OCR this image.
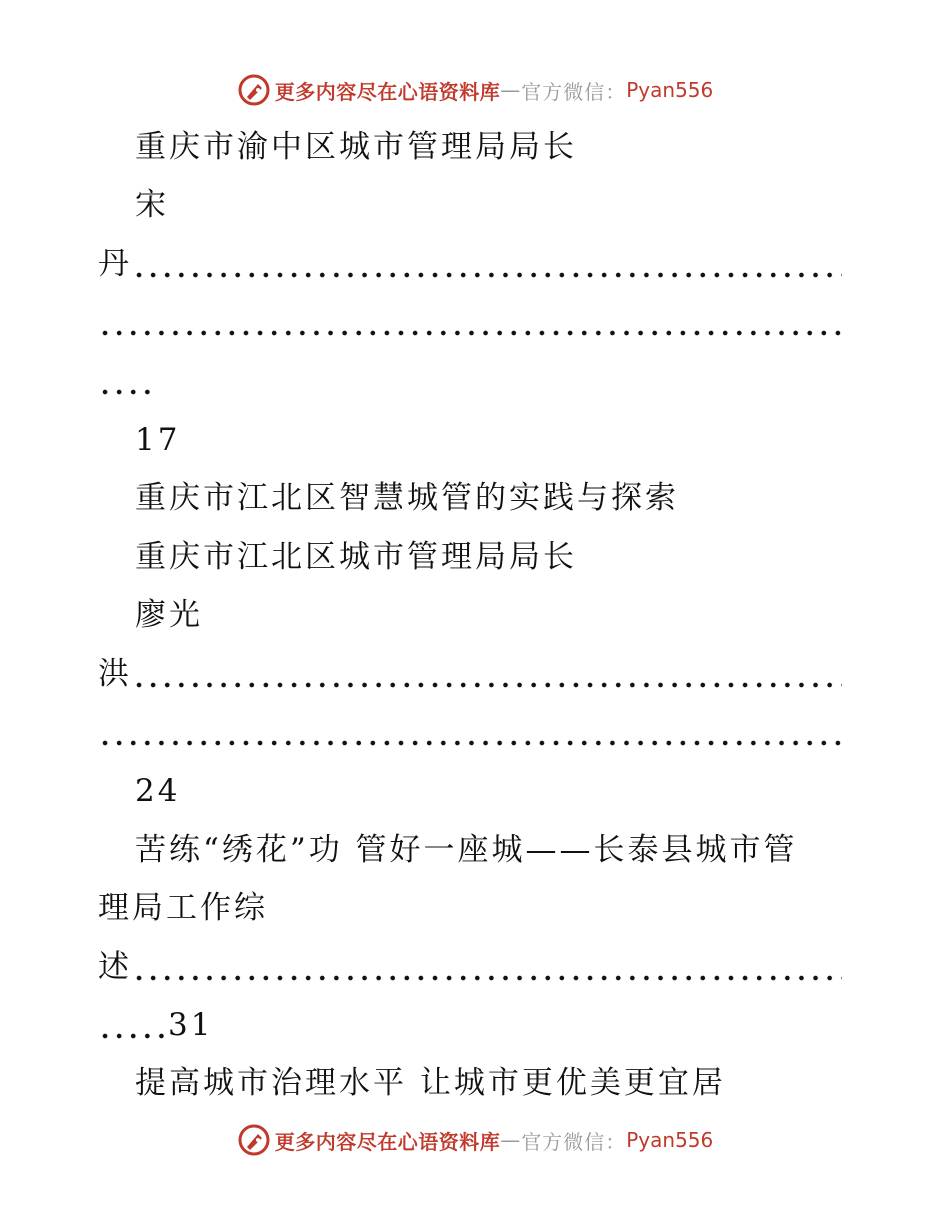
更多内容尽在心语资料库 — 官方微信： Pyan556
重庆市渝中区城市管理局局长
宋
丹
17
重庆市江北区智慧城管的实践与探索
重庆市江北区城市管理局局长
廖光
洪
24
苦练“绣花”功 管好一座城——长泰县城市管
理局工作综
述
31
提高城市治理水平 让城市更优美更宜居
更多内容尽在心语资料库 — 官方微信： Pyan556
